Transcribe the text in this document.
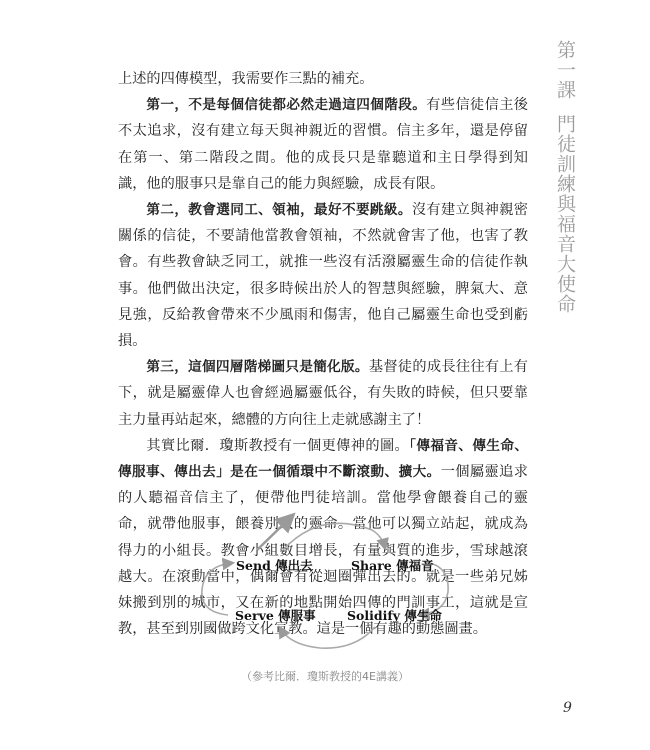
第一課門徒訓練與福音大使命

上述的四傳模型，我需要作三點的補充。

第一，不是每個信徒都必然走過這四個階段。有些信徒信主後不太追求，沒有建立每天與神親近的習慣。信主多年，還是停留在第一、第二階段之間。他的成長只是靠聽道和主日學得到知識，他的服事只是靠自己的能力與經驗，成長有限。

第二，教會選同工、領袖，最好不要跳級。沒有建立與神親密關係的信徒，不要請他當教會領袖，不然就會害了他，也害了教會。有些教會缺乏同工，就推一些沒有活潑屬靈生命的信徒作執事。他們做出決定，很多時候出於人的智慧與經驗，脾氣大、意見強，反給教會帶來不少風雨和傷害，他自己屬靈生命也受到虧損。

第三，這個四層階梯圖只是簡化版。基督徒的成長往往有上有下，就是屬靈偉人也會經過屬靈低谷，有失敗的時候，但只要靠主力量再站起來，總體的方向往上走就感謝主了！

其實比爾．瓊斯教授有一個更傳神的圖。「傳福音、傳生命、傳服事、傳出去」是在一個循環中不斷滾動、擴大。一個屬靈追求的人聽福音信主了，便帶他門徒培訓。當他學會餵養自己的靈命，就帶他服事，餵養別人的靈命。當他可以獨立站起，就成為得力的小組長。教會小組數目增長，有量與質的進步，雪球越滾越大。在滾動當中，偶爾會有從迴圈彈出去的。就是一些弟兄姊妹搬到別的城市，又在新的地點開始四傳的門訓事工，這就是宣教，甚至到別國做跨文化宣教。這是一個有趣的動態圖畫。

Send 傳出去	Share 傳福音
Serve 傳服事	Solidify 傳生命
（參考比爾．瓊斯教授的4E講義）
9
